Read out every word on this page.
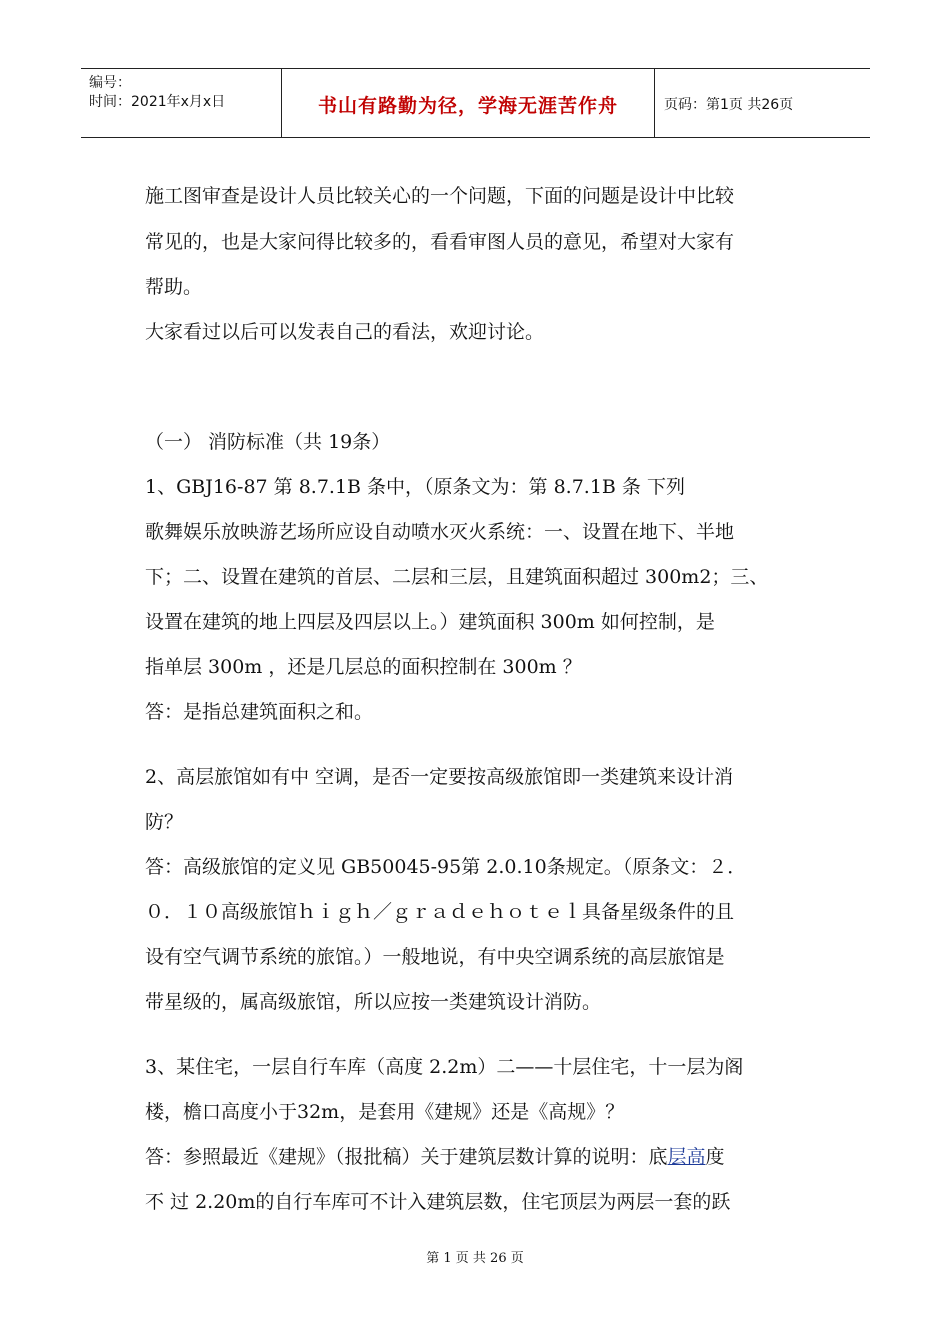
编号：
时间：2021年x月x日	书山有路勤为径，学海无涯苦作舟	页码：第1页 共26页
施工图审查是设计人员比较关心的一个问题，下面的问题是设计中比较
常见的，也是大家问得比较多的，看看审图人员的意见，希望对大家有
帮助。
大家看过以后可以发表自己的看法，欢迎讨论。
（一） 消防标准（共 19条）
1、GBJ16-87 第 8.7.1B 条中，（原条文为：第 8.7.1B 条 下列
歌舞娱乐放映游艺场所应设自动喷水灭火系统：一、设置在地下、半地
下；二、设置在建筑的首层、二层和三层，且建筑面积超过 300m2；三、
设置在建筑的地上四层及四层以上。）建筑面积 300m 如何控制，是
指单层 300m ，还是几层总的面积控制在 300m ？
答：是指总建筑面积之和。
2、高层旅馆如有中 空调，是否一定要按高级旅馆即一类建筑来设计消
防？
答：高级旅馆的定义见 GB50045-95第 2.0.10条规定。（原条文：２．
０．１０高级旅馆ｈｉｇｈ／ｇｒａｄｅｈｏｔｅｌ具备星级条件的且
设有空气调节系统的旅馆。）一般地说，有中央空调系统的高层旅馆是
带星级的，属高级旅馆，所以应按一类建筑设计消防。
3、某住宅，一层自行车库（高度 2.2m）二——十层住宅，十一层为阁
楼，檐口高度小于32m，是套用《建规》还是《高规》？
答：参照最近《建规》（报批稿）关于建筑层数计算的说明：底层高度
不 过 2.20m的自行车库可不计入建筑层数，住宅顶层为两层一套的跃
第 1 页 共 26 页
